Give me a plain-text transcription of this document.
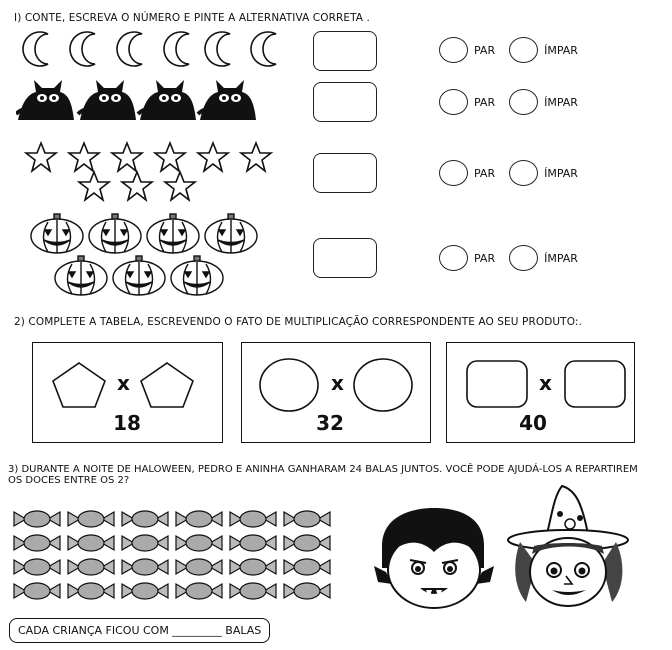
I) CONTE, ESCREVA O NÚMERO E PINTE A ALTERNATIVA CORRETA .
PAR	ÍMPAR
PAR	ÍMPAR
PAR	ÍMPAR
PAR	ÍMPAR
2) COMPLETE A TABELA, ESCREVENDO O FATO DE MULTIPLICAÇÃO CORRESPONDENTE AO SEU PRODUTO:.
x
18
x
32
x
40
3) DURANTE A NOITE DE HALOWEEN, PEDRO E ANINHA GANHARAM 24 BALAS JUNTOS. VOCÊ PODE AJUDÁ-LOS A REPARTIREM
OS DOCES ENTRE OS 2?
CADA CRIANÇA FICOU COM _________ BALAS
